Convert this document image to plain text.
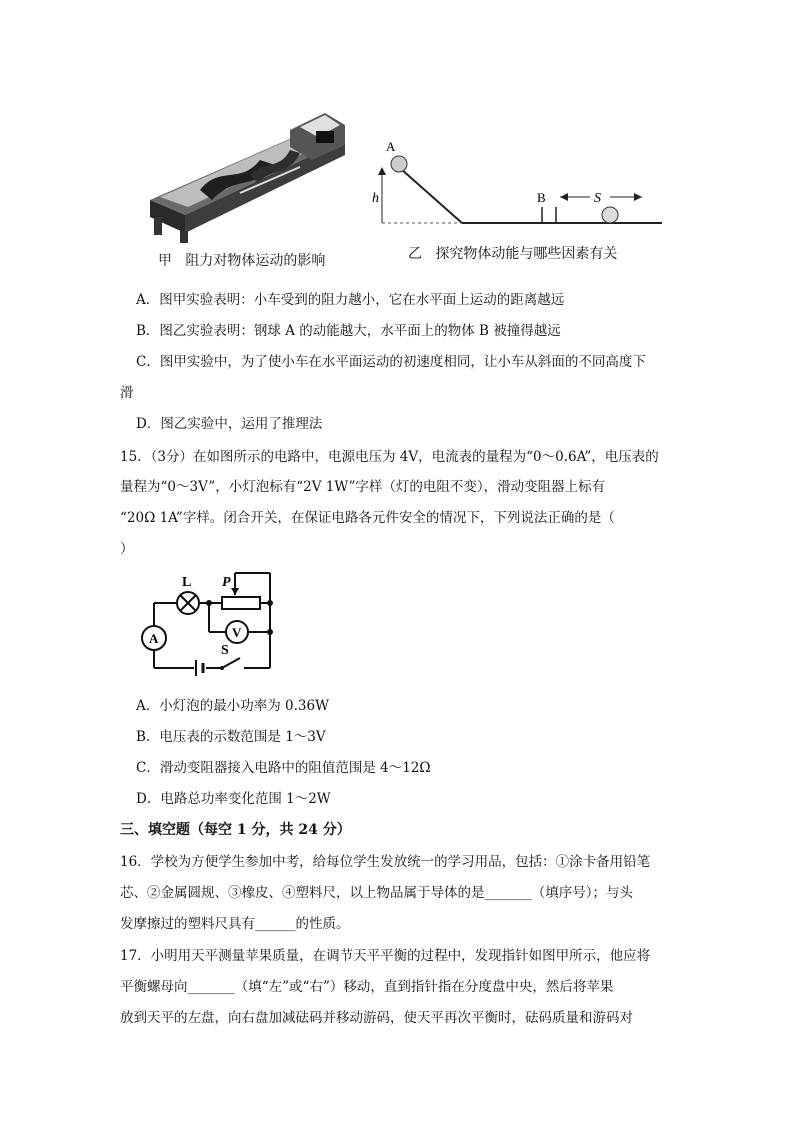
甲   阻力对物体运动的影响
A
h	B	S
乙   探究物体动能与哪些因素有关
A．图甲实验表明：小车受到的阻力越小，它在水平面上运动的距离越远
B．图乙实验表明：钢球 A 的动能越大，水平面上的物体 B 被撞得越远
C．图甲实验中，为了使小车在水平面运动的初速度相同，让小车从斜面的不同高度下
滑
D．图乙实验中，运用了推理法
15．（3分）在如图所示的电路中，电源电压为 4V，电流表的量程为“0～0.6A”，电压表的
量程为“0～3V”，小灯泡标有“2V 1W”字样（灯的电阻不变），滑动变阻器上标有
“20Ω 1A”字样。闭合开关，在保证电路各元件安全的情况下，下列说法正确的是（
）
L P
A	V
S
A．小灯泡的最小功率为 0.36W
B．电压表的示数范围是 1～3V
C．滑动变阻器接入电路中的阻值范围是 4～12Ω
D．电路总功率变化范围 1～2W
三、填空题（每空 1 分，共 24 分）
16．学校为方便学生参加中考，给每位学生发放统一的学习用品，包括：①涂卡备用铅笔
芯、②金属圆规、③橡皮、④塑料尺，以上物品属于导体的是_______（填序号）；与头
发摩擦过的塑料尺具有______的性质。
17．小明用天平测量苹果质量，在调节天平平衡的过程中，发现指针如图甲所示，他应将
平衡螺母向_______（填“左”或“右”）移动，直到指针指在分度盘中央，然后将苹果
放到天平的左盘，向右盘加减砝码并移动游码，使天平再次平衡时，砝码质量和游码对
